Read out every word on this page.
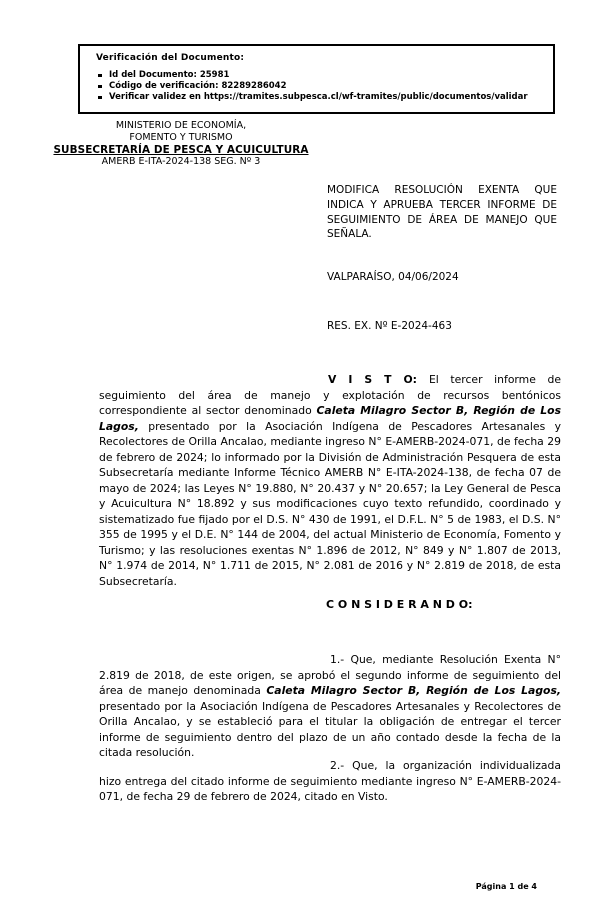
Verificación del Documento:
Id del Documento: 25981
Código de verificación: 82289286042
Verificar validez en https://tramites.subpesca.cl/wf-tramites/public/documentos/validar
MINISTERIO DE ECONOMÍA,
FOMENTO Y TURISMO
SUBSECRETARÍA DE PESCA Y ACUICULTURA
AMERB E-ITA-2024-138 SEG. Nº 3
MODIFICA RESOLUCIÓN EXENTA QUE INDICA Y APRUEBA TERCER INFORME DE SEGUIMIENTO DE ÁREA DE MANEJO QUE SEÑALA.
VALPARAÍSO, 04/06/2024
RES. EX. Nº E-2024-463
V I S T O: El tercer informe de seguimiento del área de manejo y explotación de recursos bentónicos correspondiente al sector denominado Caleta Milagro Sector B, Región de Los Lagos, presentado por la Asociación Indígena de Pescadores Artesanales y Recolectores de Orilla Ancalao, mediante ingreso N° E-AMERB-2024-071, de fecha 29 de febrero de 2024; lo informado por la División de Administración Pesquera de esta Subsecretaría mediante Informe Técnico AMERB N° E-ITA-2024-138, de fecha 07 de mayo de 2024; las Leyes N° 19.880, N° 20.437 y N° 20.657; la Ley General de Pesca y Acuicultura N° 18.892 y sus modificaciones cuyo texto refundido, coordinado y sistematizado fue fijado por el D.S. N° 430 de 1991, el D.F.L. N° 5 de 1983, el D.S. N° 355 de 1995 y el D.E. N° 144 de 2004, del actual Ministerio de Economía, Fomento y Turismo; y las resoluciones exentas N° 1.896 de 2012, N° 849 y N° 1.807 de 2013, N° 1.974 de 2014, N° 1.711 de 2015, N° 2.081 de 2016 y N° 2.819 de 2018, de esta Subsecretaría.
C O N S I D E R A N D O:
1.- Que, mediante Resolución Exenta N° 2.819 de 2018, de este origen, se aprobó el segundo informe de seguimiento del área de manejo denominada Caleta Milagro Sector B, Región de Los Lagos, presentado por la Asociación Indígena de Pescadores Artesanales y Recolectores de Orilla Ancalao, y se estableció para el titular la obligación de entregar el tercer informe de seguimiento dentro del plazo de un año contado desde la fecha de la citada resolución.
2.- Que, la organización individualizada hizo entrega del citado informe de seguimiento mediante ingreso N° E-AMERB-2024-071, de fecha 29 de febrero de 2024, citado en Visto.
Página 1 de 4
